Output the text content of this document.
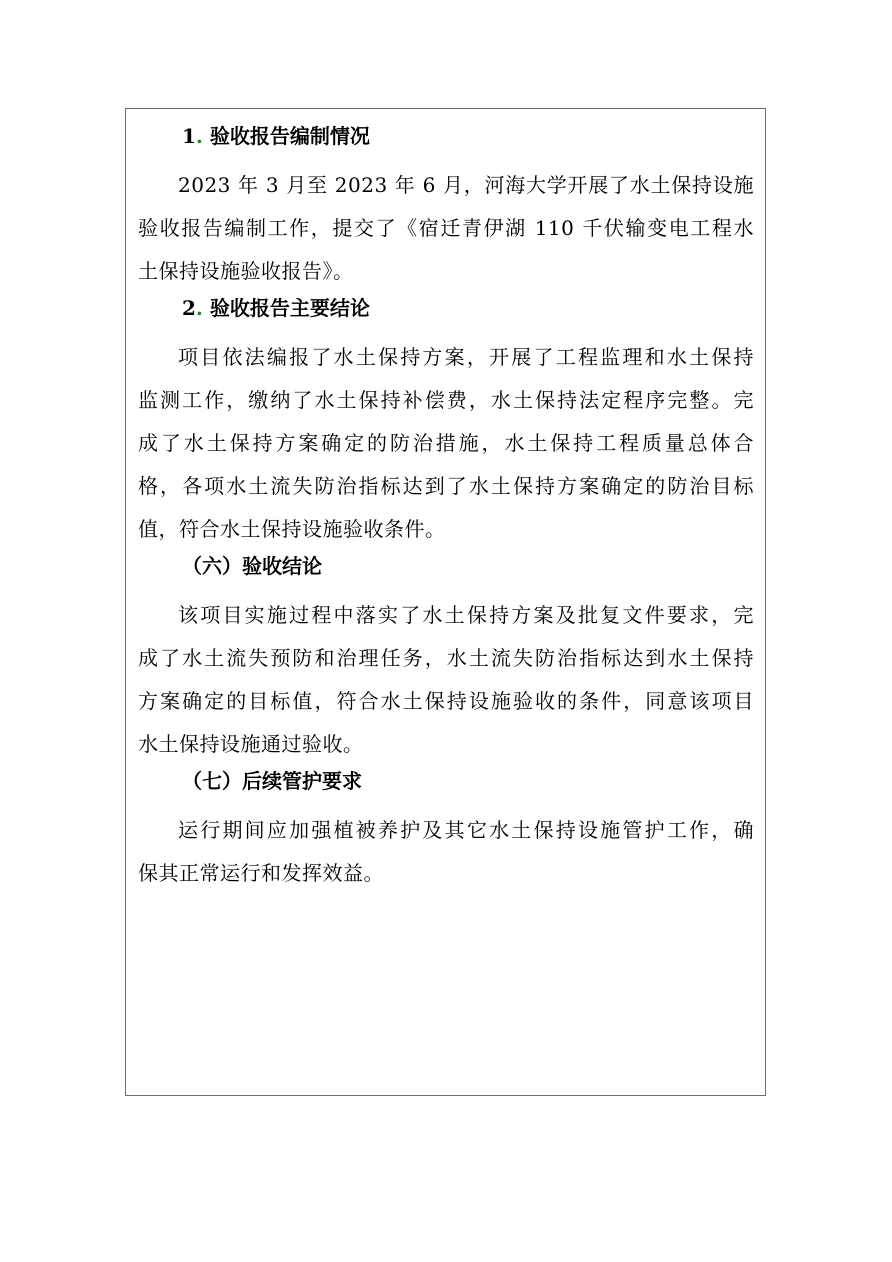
1. 验收报告编制情况
2023 年 3 月至 2023 年 6 月，河海大学开展了水土保持设施
验收报告编制工作，提交了《宿迁青伊湖 110 千伏输变电工程水
土保持设施验收报告》。
2. 验收报告主要结论
项目依法编报了水土保持方案，开展了工程监理和水土保持
监测工作，缴纳了水土保持补偿费，水土保持法定程序完整。完
成了水土保持方案确定的防治措施，水土保持工程质量总体合
格，各项水土流失防治指标达到了水土保持方案确定的防治目标
值，符合水土保持设施验收条件。
（六）验收结论
该项目实施过程中落实了水土保持方案及批复文件要求，完
成了水土流失预防和治理任务，水土流失防治指标达到水土保持
方案确定的目标值，符合水土保持设施验收的条件，同意该项目
水土保持设施通过验收。
（七）后续管护要求
运行期间应加强植被养护及其它水土保持设施管护工作，确
保其正常运行和发挥效益。
